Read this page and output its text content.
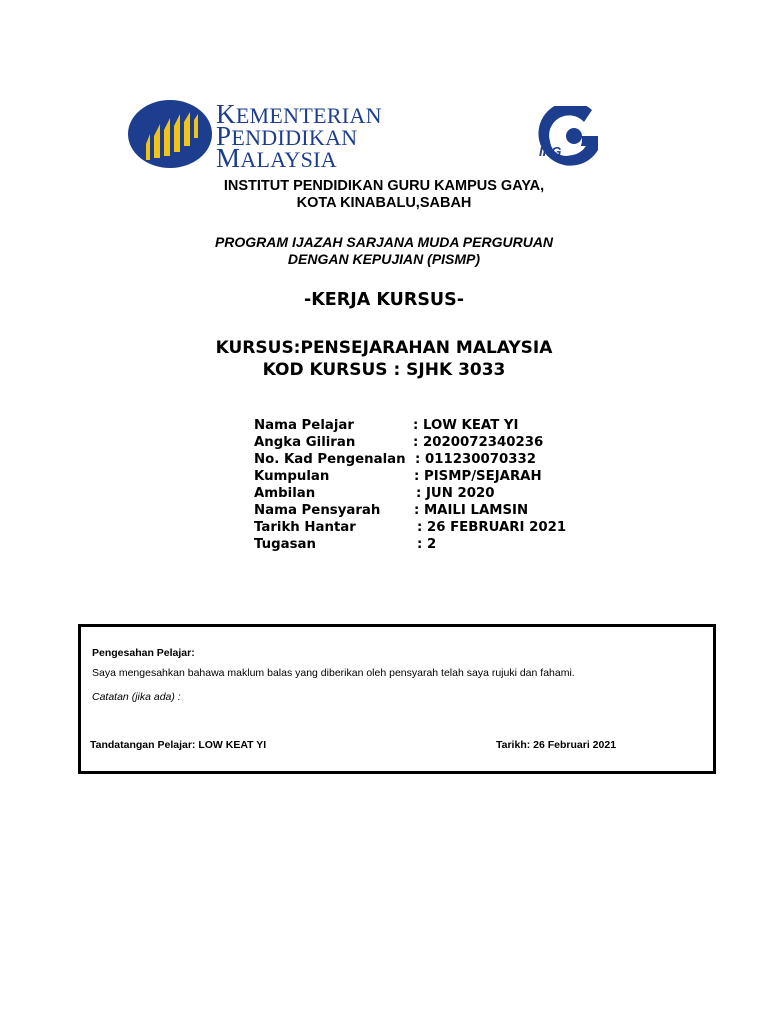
KEMENTERIAN
PENDIDIKAN
MALAYSIA	IPG
INSTITUT PENDIDIKAN GURU KAMPUS GAYA,
KOTA KINABALU,SABAH
PROGRAM IJAZAH SARJANA MUDA PERGURUAN
DENGAN KEPUJIAN (PISMP)
-KERJA KURSUS-
KURSUS:PENSEJARAHAN MALAYSIA
KOD KURSUS : SJHK 3033
Nama Pelajar	: LOW KEAT YI
Angka Giliran	: 2020072340236
No. Kad Pengenalan : 011230070332
Kumpulan	: PISMP/SEJARAH
Ambilan	: JUN 2020
Nama Pensyarah	: MAILI LAMSIN
Tarikh Hantar	: 26 FEBRUARI 2021
Tugasan	: 2
Pengesahan Pelajar:
Saya mengesahkan bahawa maklum balas yang diberikan oleh pensyarah telah saya rujuki dan fahami.
Catatan (jika ada) :
Tandatangan Pelajar: LOW KEAT YI	Tarikh: 26 Februari 2021
